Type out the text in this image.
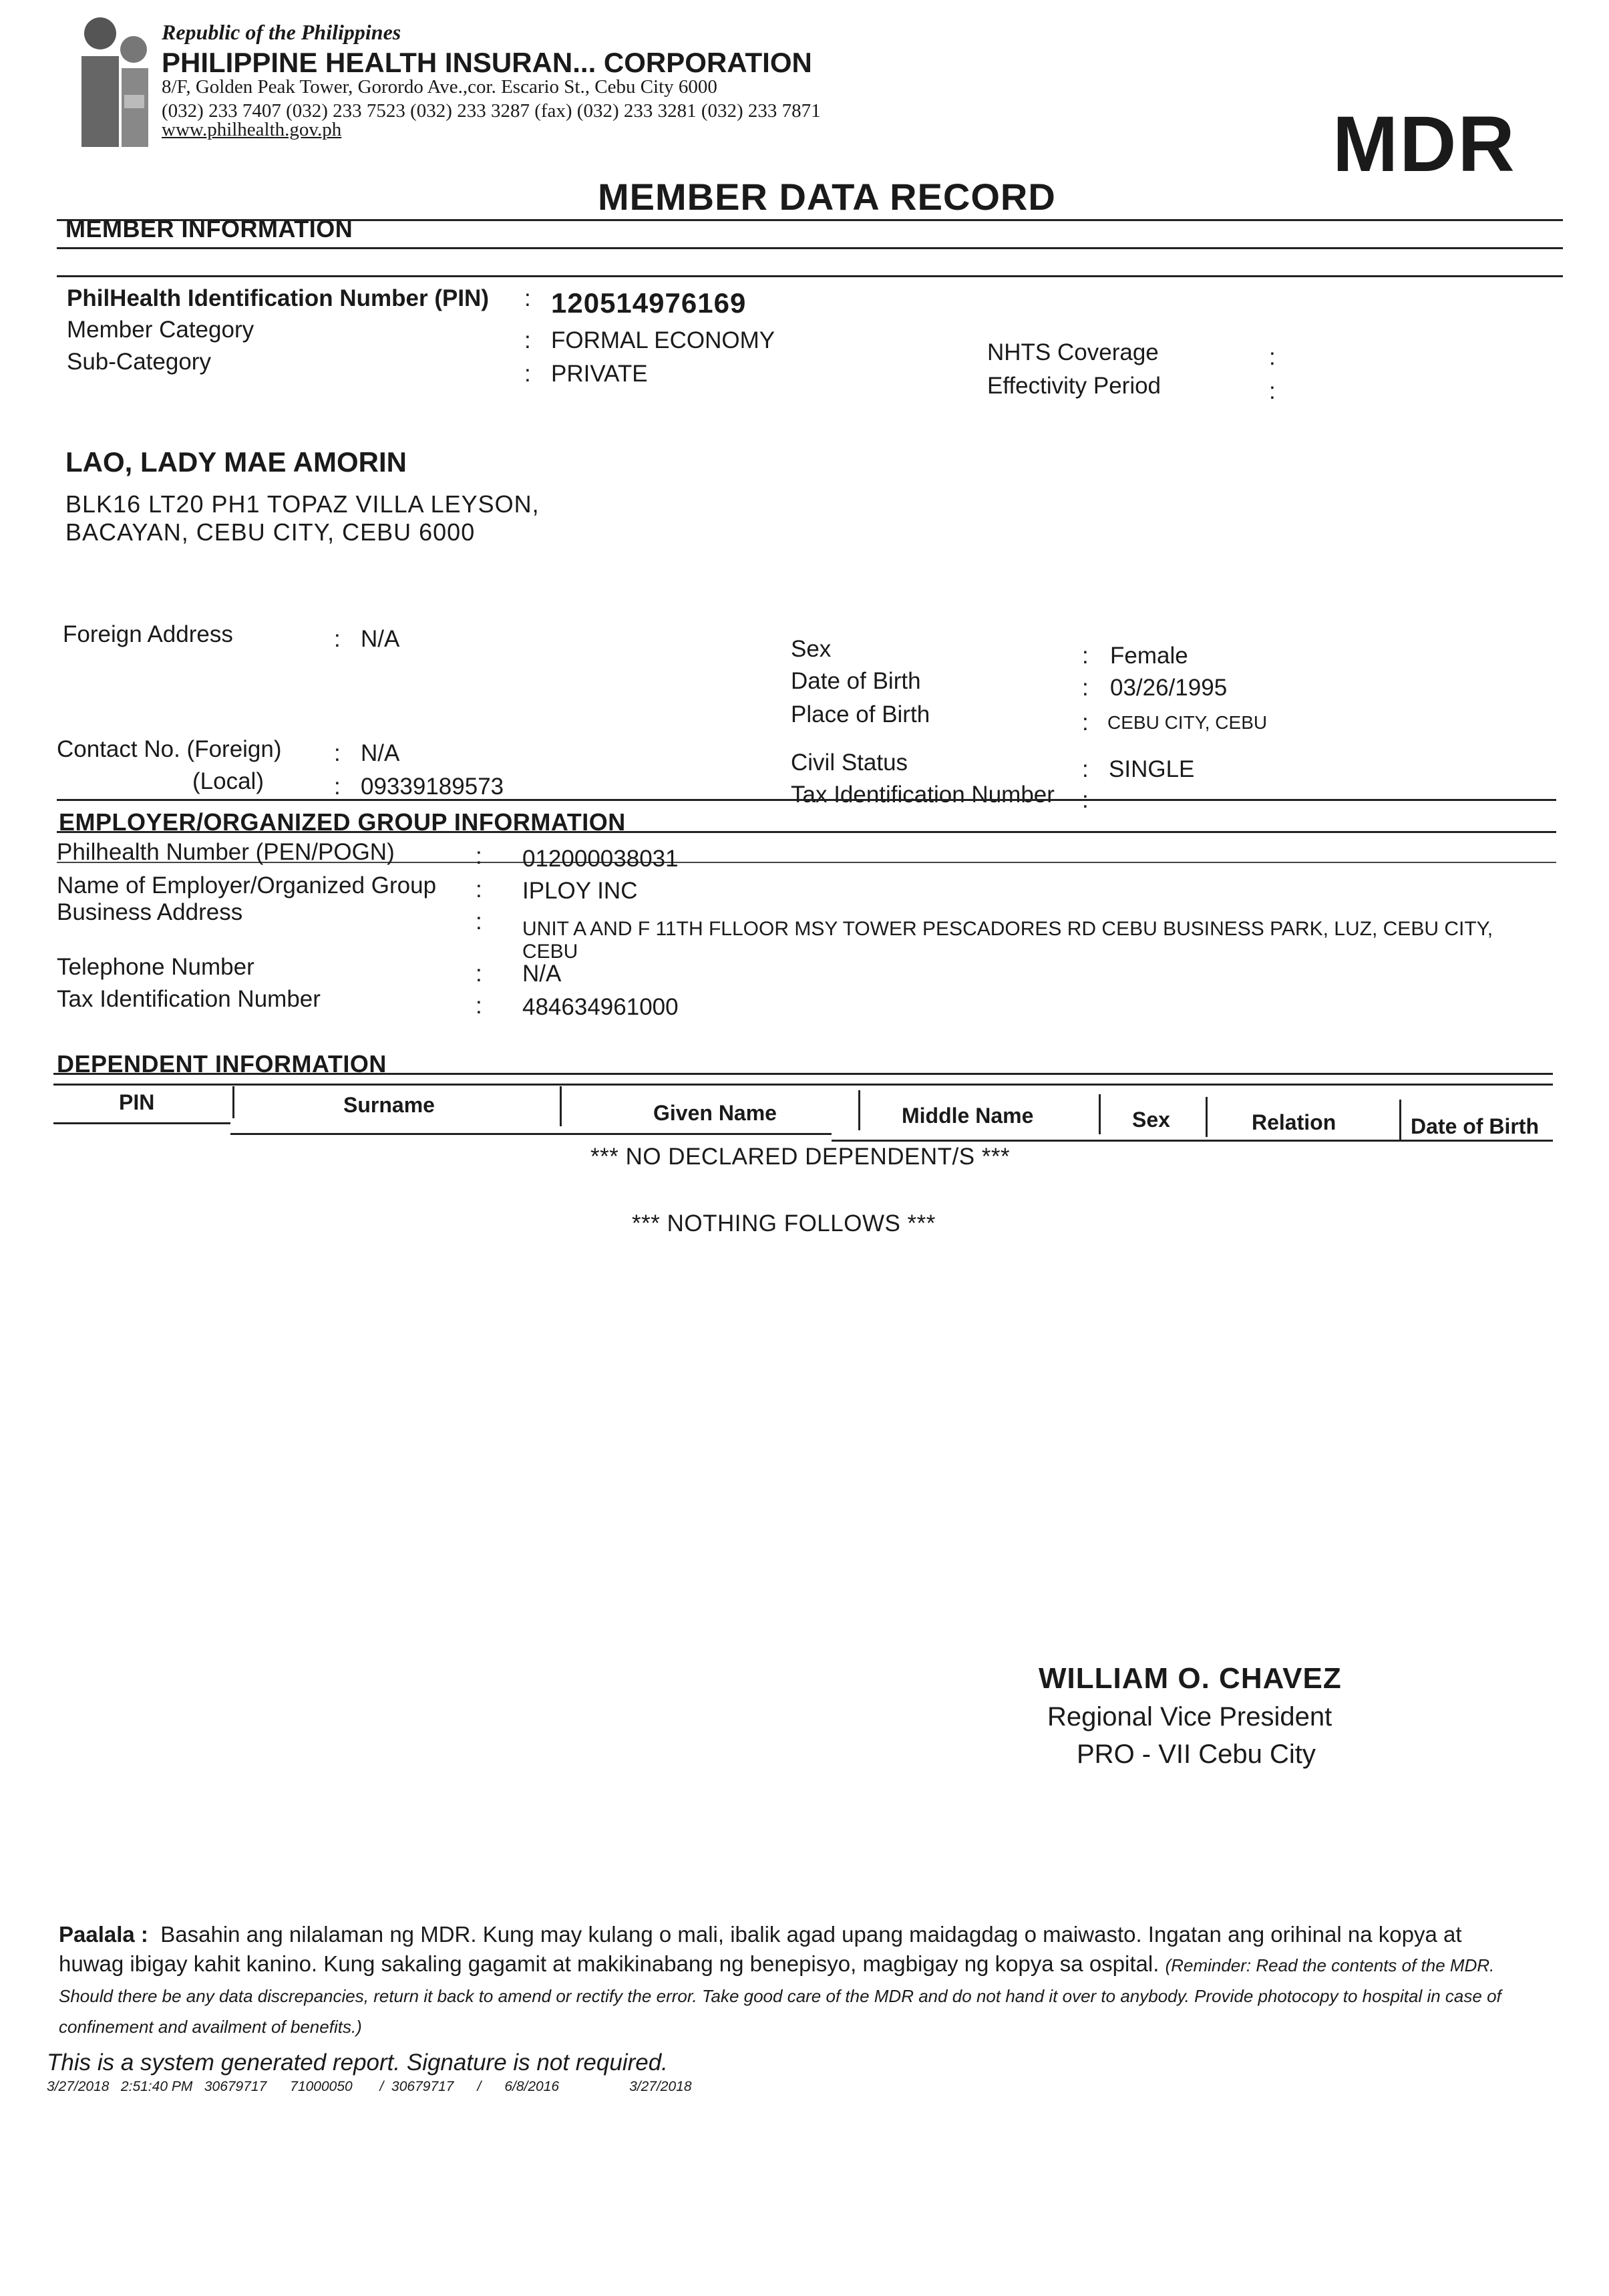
Republic of the Philippines
PHILIPPINE HEALTH INSURAN... CORPORATION
8/F, Golden Peak Tower, Gorordo Ave.,cor. Escario St., Cebu City 6000
(032) 233 7407 (032) 233 7523 (032) 233 3287 (fax) (032) 233 3281 (032) 233 7871
www.philhealth.gov.ph	MDR
MEMBER DATA RECORD
MEMBER INFORMATION
PhilHealth Identification Number (PIN) : 120514976169
Member Category	: FORMAL ECONOMY
Sub-Category	: PRIVATE
NHTS Coverage	:
Effectivity Period	:
LAO, LADY MAE AMORIN
BLK16 LT20 PH1 TOPAZ VILLA LEYSON,
BACAYAN, CEBU CITY, CEBU 6000
Foreign Address	: N/A
Contact No. (Foreign) : N/A
(Local)	: 09339189573
Sex	: Female
Date of Birth	: 03/26/1995
Place of Birth	: CEBU CITY, CEBU
Civil Status	: SINGLE
Tax Identification Number :
EMPLOYER/ORGANIZED GROUP INFORMATION
Philhealth Number (PEN/POGN)	: 012000038031
Name of Employer/Organized Group : IPLOY INC
Business Address	: UNIT A AND F 11TH FLLOOR MSY TOWER PESCADORES RD CEBU BUSINESS PARK, LUZ, CEBU CITY,
CEBU
Telephone Number	: N/A
Tax Identification Number	: 484634961000
DEPENDENT INFORMATION
PIN	Surname	Given Name	Middle Name	Sex	Relation	Date of Birth
*** NO DECLARED DEPENDENT/S ***
*** NOTHING FOLLOWS ***
WILLIAM O. CHAVEZ
Regional Vice President
PRO - VII Cebu City
Paalala : Basahin ang nilalaman ng MDR. Kung may kulang o mali, ibalik agad upang maidagdag o maiwasto. Ingatan ang orihinal na kopya at huwag ibigay kahit kanino. Kung sakaling gagamit at makikinabang ng benepisyo, magbigay ng kopya sa ospital. (Reminder: Read the contents of the MDR. Should there be any data discrepancies, return it back to amend or rectify the error. Take good care of the MDR and do not hand it over to anybody. Provide photocopy to hospital in case of confinement and availment of benefits.)
This is a system generated report. Signature is not required.
3/27/2018   2:51:40 PM   30679717      71000050       /  30679717      /      6/8/2016                  3/27/2018
